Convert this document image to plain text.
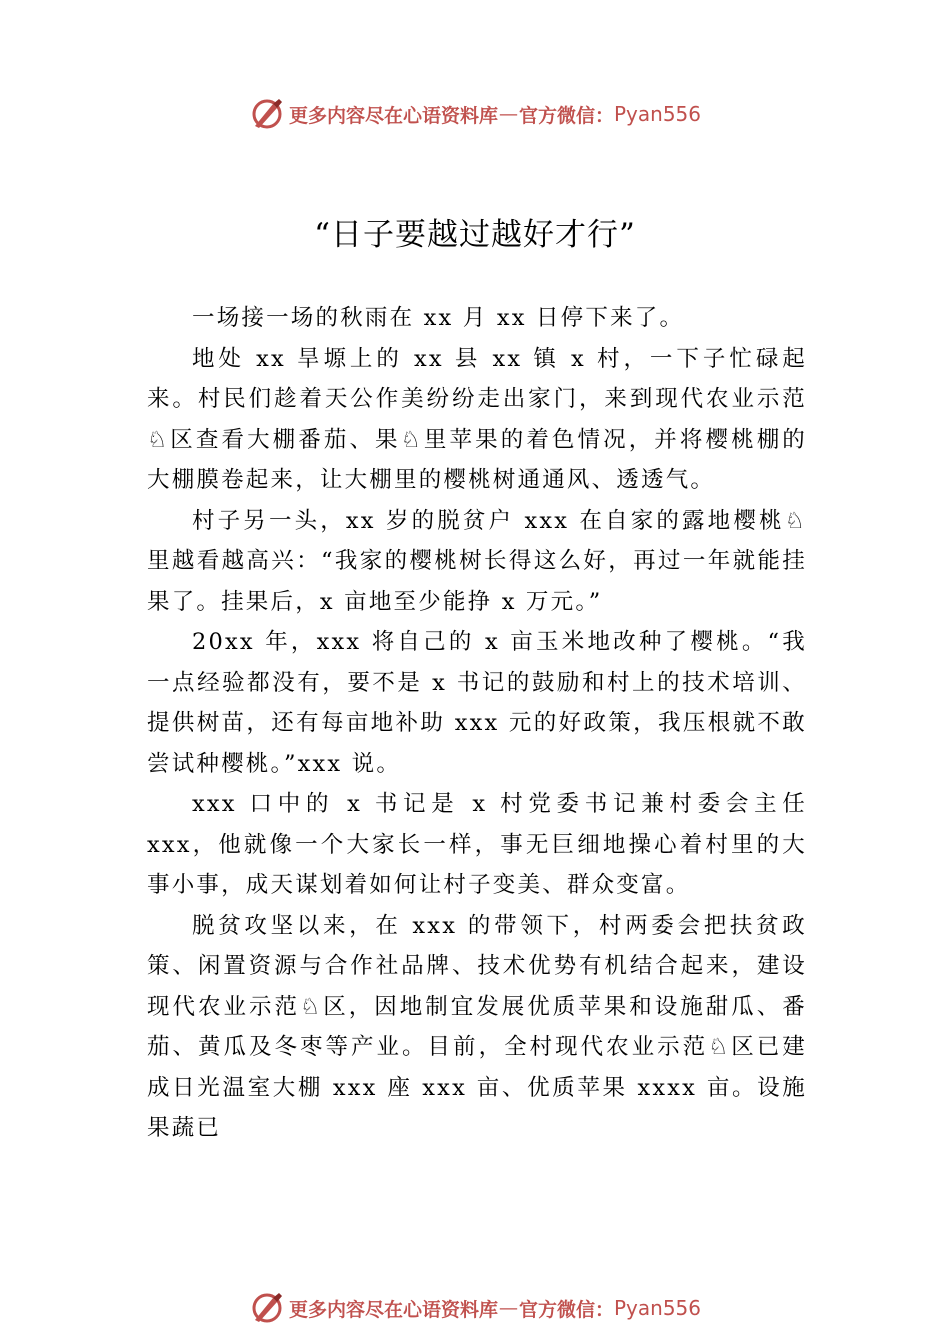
更多内容尽在心语资料库 — 官方微信： Pyan556
“日子要越过越好才行”

一场接一场的秋雨在 xx 月 xx 日停下来了。

地处 xx 旱塬上的 xx 县 xx 镇 x 村，一下子忙碌起来。村民们趁着天公作美纷纷走出家门，来到现代农业示范♘区查看大棚番茄、果♘里苹果的着色情况，并将樱桃棚的大棚膜卷起来，让大棚里的樱桃树通通风、透透气。

村子另一头，xx 岁的脱贫户 xxx 在自家的露地樱桃♘里越看越高兴：“我家的樱桃树长得这么好，再过一年就能挂果了。挂果后，x 亩地至少能挣 x 万元。”

20xx 年，xxx 将自己的 x 亩玉米地改种了樱桃。“我一点经验都没有，要不是 x 书记的鼓励和村上的技术培训、提供树苗，还有每亩地补助 xxx 元的好政策，我压根就不敢尝试种樱桃。”xxx 说。

xxx 口中的 x 书记是 x 村党委书记兼村委会主任 xxx，他就像一个大家长一样，事无巨细地操心着村里的大事小事，成天谋划着如何让村子变美、群众变富。

脱贫攻坚以来，在 xxx 的带领下，村两委会把扶贫政策、闲置资源与合作社品牌、技术优势有机结合起来，建设现代农业示范♘区，因地制宜发展优质苹果和设施甜瓜、番茄、黄瓜及冬枣等产业。目前，全村现代农业示范♘区已建成日光温室大棚 xxx 座 xxx 亩、优质苹果 xxxx 亩。设施果蔬已

更多内容尽在心语资料库 — 官方微信： Pyan556
